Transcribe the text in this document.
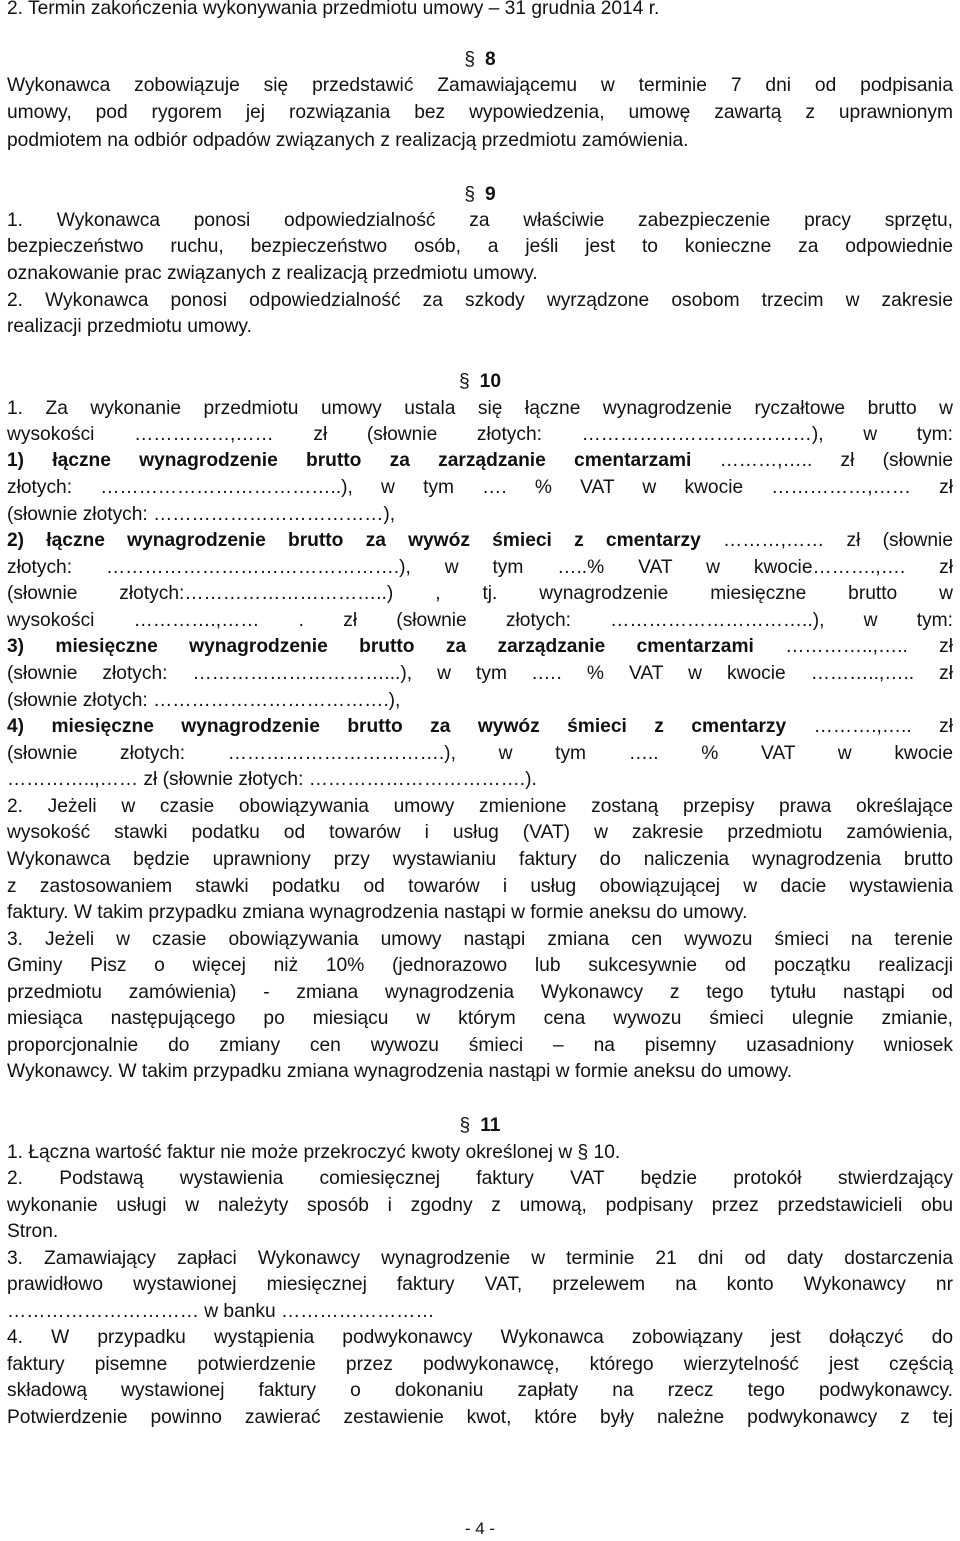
2. Termin zakończenia wykonywania przedmiotu umowy – 31 grudnia 2014 r.
§ 8
Wykonawca zobowiązuje się przedstawić Zamawiającemu w terminie 7 dni od podpisania
umowy, pod rygorem jej rozwiązania bez wypowiedzenia, umowę zawartą z uprawnionym
podmiotem na odbiór odpadów związanych z realizacją przedmiotu zamówienia.
§ 9
1. Wykonawca ponosi odpowiedzialność za właściwie zabezpieczenie pracy sprzętu,
bezpieczeństwo ruchu, bezpieczeństwo osób, a jeśli jest to konieczne za odpowiednie
oznakowanie prac związanych z realizacją przedmiotu umowy.
2. Wykonawca ponosi odpowiedzialność za szkody wyrządzone osobom trzecim w zakresie
realizacji przedmiotu umowy.
§ 10
1. Za wykonanie przedmiotu umowy ustala się łączne wynagrodzenie ryczałtowe brutto w
wysokości ……………,…… zł (słownie złotych: ………………………………), w tym:
1) łączne wynagrodzenie brutto za zarządzanie cmentarzami ………,….. zł (słownie
złotych: ………………………………..), w tym …. % VAT w kwocie ……………,…… zł
(słownie złotych: ………………………………),
2) łączne wynagrodzenie brutto za wywóz śmieci z cmentarzy ………,…… zł (słownie
złotych: ……………………………………….), w tym …..% VAT w kwocie……….,…. zł
(słownie złotych:…………………………..) , tj. wynagrodzenie miesięczne brutto w
wysokości ………….,…… . zł (słownie złotych: …………………………..), w tym:
3) miesięczne wynagrodzenie brutto za zarządzanie cmentarzami …………..,….. zł
(słownie złotych: …………………………...), w tym .…. % VAT w kwocie ………..,….. zł
(słownie złotych: ……………………………….),
4) miesięczne wynagrodzenie brutto za wywóz śmieci z cmentarzy ……….,….. zł
(słownie złotych: …………………………….), w tym ….. % VAT w kwocie
…………..,…… zł (słownie złotych: …………………………….).
2. Jeżeli w czasie obowiązywania umowy zmienione zostaną przepisy prawa określające
wysokość stawki podatku od towarów i usług (VAT) w zakresie przedmiotu zamówienia,
Wykonawca będzie uprawniony przy wystawianiu faktury do naliczenia wynagrodzenia brutto
z zastosowaniem stawki podatku od towarów i usług obowiązującej w dacie wystawienia
faktury. W takim przypadku zmiana wynagrodzenia nastąpi w formie aneksu do umowy.
3. Jeżeli w czasie obowiązywania umowy nastąpi zmiana cen wywozu śmieci na terenie
Gminy Pisz o więcej niż 10% (jednorazowo lub sukcesywnie od początku realizacji
przedmiotu zamówienia) - zmiana wynagrodzenia Wykonawcy z tego tytułu nastąpi od
miesiąca następującego po miesiącu w którym cena wywozu śmieci ulegnie zmianie,
proporcjonalnie do zmiany cen wywozu śmieci – na pisemny uzasadniony wniosek
Wykonawcy. W takim przypadku zmiana wynagrodzenia nastąpi w formie aneksu do umowy.
§ 11
1. Łączna wartość faktur nie może przekroczyć kwoty określonej w § 10.
2. Podstawą wystawienia comiesięcznej faktury VAT będzie protokół stwierdzający
wykonanie usługi w należyty sposób i zgodny z umową, podpisany przez przedstawicieli obu
Stron.
3. Zamawiający zapłaci Wykonawcy wynagrodzenie w terminie 21 dni od daty dostarczenia
prawidłowo wystawionej miesięcznej faktury VAT, przelewem na konto Wykonawcy nr
………………………… w banku ……………………
4. W przypadku wystąpienia podwykonawcy Wykonawca zobowiązany jest dołączyć do
faktury pisemne potwierdzenie przez podwykonawcę, którego wierzytelność jest częścią
składową wystawionej faktury o dokonaniu zapłaty na rzecz tego podwykonawcy.
Potwierdzenie powinno zawierać zestawienie kwot, które były należne podwykonawcy z tej
- 4 -
